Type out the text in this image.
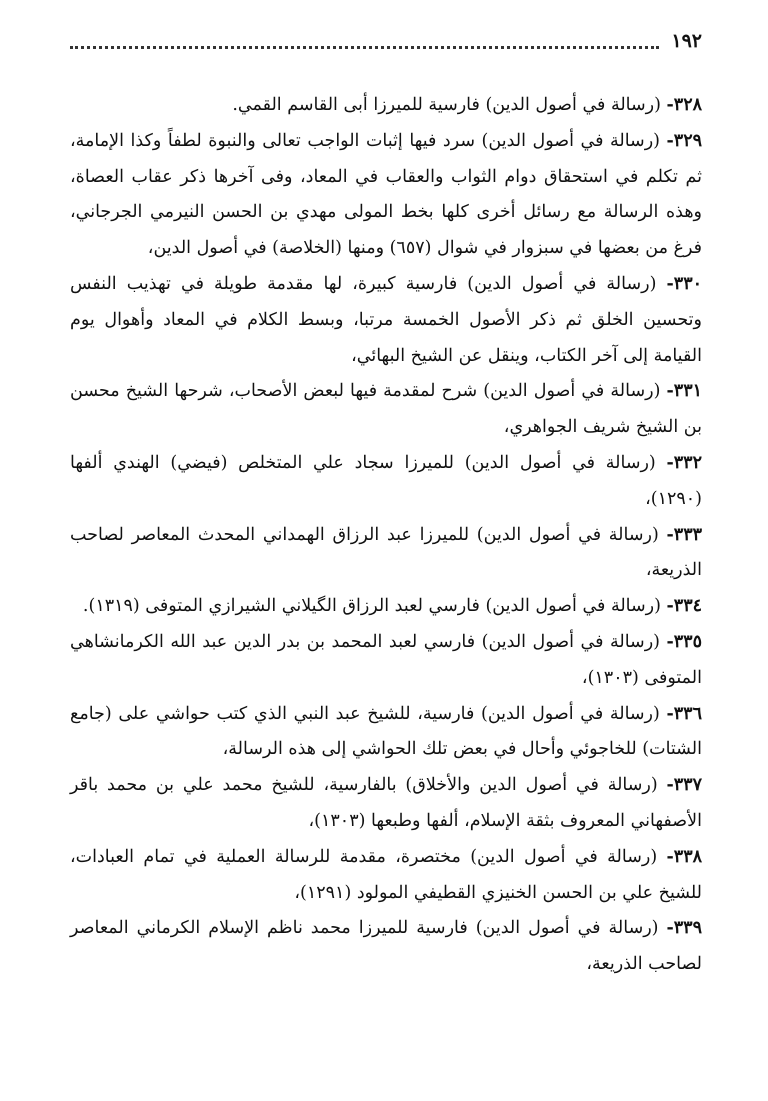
١٩٢

٣٢٨- (رسالة في أصول الدين) فارسية للميرزا أبى القاسم القمي.

٣٢٩- (رسالة في أصول الدين) سرد فيها إثبات الواجب تعالى والنبوة لطفاً وكذا الإمامة، ثم تكلم في استحقاق دوام الثواب والعقاب في المعاد، وفى آخرها ذكر عقاب العصاة، وهذه الرسالة مع رسائل أخرى كلها بخط المولى مهدي بن الحسن النيرمي الجرجاني، فرغ من بعضها في سبزوار في شوال (٦٥٧) ومنها (الخلاصة) في أصول الدين،

٣٣٠- (رسالة في أصول الدين) فارسية كبيرة، لها مقدمة طويلة في تهذيب النفس وتحسين الخلق ثم ذكر الأصول الخمسة مرتبا، وبسط الكلام في المعاد وأهوال يوم القيامة إلى آخر الكتاب، وينقل عن الشيخ البهائي،

٣٣١- (رسالة في أصول الدين) شرح لمقدمة فيها لبعض الأصحاب، شرحها الشيخ محسن بن الشيخ شريف الجواهري،

٣٣٢- (رسالة في أصول الدين) للميرزا سجاد علي المتخلص (فيضي) الهندي ألفها (١٢٩٠)،

٣٣٣- (رسالة في أصول الدين) للميرزا عبد الرزاق الهمداني المحدث المعاصر لصاحب الذريعة،

٣٣٤- (رسالة في أصول الدين) فارسي لعبد الرزاق الگيلاني الشيرازي المتوفى (١٣١٩).

٣٣٥- (رسالة في أصول الدين) فارسي لعبد المحمد بن بدر الدين عبد الله الكرمانشاهي المتوفى (١٣٠٣)،

٣٣٦- (رسالة في أصول الدين) فارسية، للشيخ عبد النبي الذي كتب حواشي على (جامع الشتات) للخاجوئي وأحال في بعض تلك الحواشي إلى هذه الرسالة،

٣٣٧- (رسالة في أصول الدين والأخلاق) بالفارسية، للشيخ محمد علي بن محمد باقر الأصفهاني المعروف بثقة الإسلام، ألفها وطبعها (١٣٠٣)،

٣٣٨- (رسالة في أصول الدين) مختصرة، مقدمة للرسالة العملية في تمام العبادات، للشيخ علي بن الحسن الخنيزي القطيفي المولود (١٢٩١)،

٣٣٩- (رسالة في أصول الدين) فارسية للميرزا محمد ناظم الإسلام الكرماني المعاصر لصاحب الذريعة،
